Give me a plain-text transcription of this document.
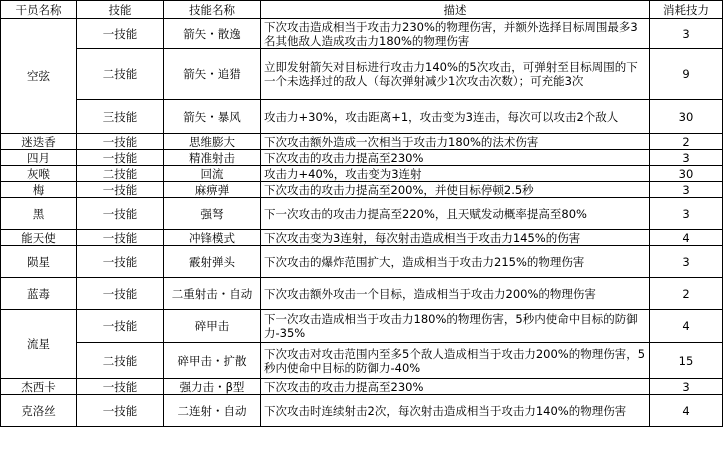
干员名称	技能	技能名称	描述	消耗技力
空弦	一技能	箭矢・散逸	下次攻击造成相当于攻击力230%的物理伤害，并额外选择目标周围最多3名其他敌人造成攻击力180%的物理伤害	3
	二技能	箭矢・追猎	立即发射箭矢对目标进行攻击力140%的5次攻击，可弹射至目标周围的下一个未选择过的敌人（每次弹射减少1次攻击次数）；可充能3次	9
	三技能	箭矢・暴风	攻击力+30%，攻击距离+1，攻击变为3连击，每次可以攻击2个敌人	30
迷迭香	一技能	思维膨大	下次攻击额外造成一次相当于攻击力180%的法术伤害	2
四月	一技能	精准射击	下次攻击的攻击力提高至230%	3
灰喉	二技能	回流	攻击力+40%，攻击变为3连射	30
梅	一技能	麻痹弹	下次攻击的攻击力提高至200%，并使目标停顿2.5秒	3
黑	一技能	强弩	下一次攻击的攻击力提高至220%，且天赋发动概率提高至80%	3
能天使	一技能	冲锋模式	下次攻击变为3连射，每次射击造成相当于攻击力145%的伤害	4
陨星	一技能	霰射弹头	下次攻击的爆炸范围扩大，造成相当于攻击力215%的物理伤害	3
蓝毒	一技能	二重射击・自动	下次攻击额外攻击一个目标，造成相当于攻击力200%的物理伤害	2
流星	一技能	碎甲击	下一次攻击造成相当于攻击力180%的物理伤害，5秒内使命中目标的防御力-35%	4
	二技能	碎甲击・扩散	下次攻击对攻击范围内至多5个敌人造成相当于攻击力200%的物理伤害，5秒内使命中目标的防御力-40%	15
杰西卡	一技能	强力击・β型	下次攻击的攻击力提高至230%	3
克洛丝	一技能	二连射・自动	下次攻击时连续射击2次，每次射击造成相当于攻击力140%的物理伤害	4
